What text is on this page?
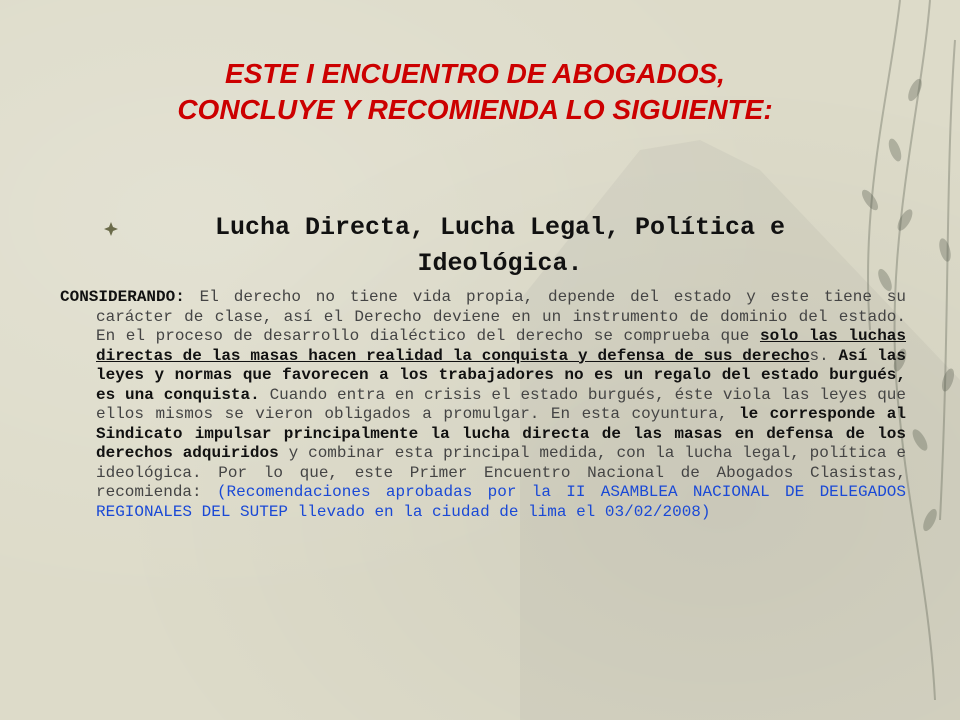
ESTE I ENCUENTRO DE ABOGADOS,
CONCLUYE Y RECOMIENDA LO SIGUIENTE:
Lucha Directa, Lucha Legal, Política e
Ideológica.

CONSIDERANDO: El derecho no tiene vida propia, depende del estado y este tiene su carácter de clase, así el Derecho deviene en un instrumento de dominio del estado. En el proceso de desarrollo dialéctico del derecho se comprueba que solo las luchas directas de las masas hacen realidad la conquista y defensa de sus derechos. Así las leyes y normas que favorecen a los trabajadores no es un regalo del estado burgués, es una conquista. Cuando entra en crisis el estado burgués, éste viola las leyes que ellos mismos se vieron obligados a promulgar. En esta coyuntura, le corresponde al Sindicato impulsar principalmente la lucha directa de las masas en defensa de los derechos adquiridos y combinar esta principal medida, con la lucha legal, política e ideológica. Por lo que, este Primer Encuentro Nacional de Abogados Clasistas, recomienda: (Recomendaciones aprobadas por la II ASAMBLEA NACIONAL DE DELEGADOS REGIONALES DEL SUTEP llevado en la ciudad de lima el 03/02/2008)
